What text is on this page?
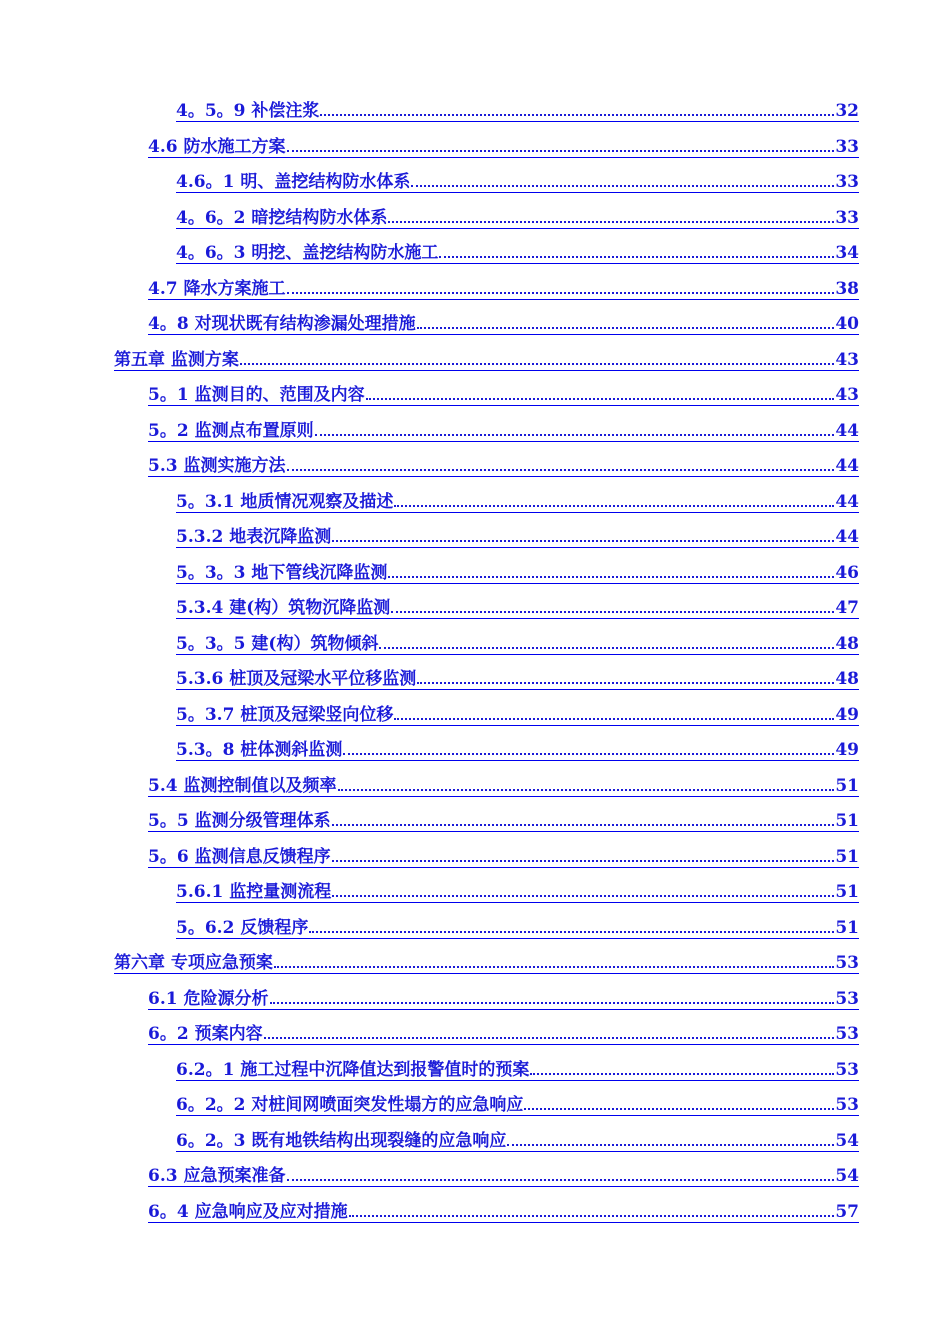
4。5。9 补偿注浆	32
4.6 防水施工方案	33
4.6。1 明、盖挖结构防水体系	33
4。6。2 暗挖结构防水体系	33
4。6。3 明挖、盖挖结构防水施工	34
4.7 降水方案施工	38
4。8 对现状既有结构渗漏处理措施	40
第五章 监测方案	43
5。1 监测目的、范围及内容	43
5。2 监测点布置原则	44
5.3 监测实施方法	44
5。3.1 地质情况观察及描述	44
5.3.2 地表沉降监测	44
5。3。3 地下管线沉降监测	46
5.3.4 建(构）筑物沉降监测	47
5。3。5 建(构）筑物倾斜	48
5.3.6 桩顶及冠梁水平位移监测	48
5。3.7 桩顶及冠梁竖向位移	49
5.3。8 桩体测斜监测	49
5.4 监测控制值以及频率	51
5。5 监测分级管理体系	51
5。6 监测信息反馈程序	51
5.6.1 监控量测流程	51
5。6.2 反馈程序	51
第六章 专项应急预案	53
6.1 危险源分析	53
6。2 预案内容	53
6.2。1 施工过程中沉降值达到报警值时的预案	53
6。2。2 对桩间网喷面突发性塌方的应急响应	53
6。2。3 既有地铁结构出现裂缝的应急响应	54
6.3 应急预案准备	54
6。4 应急响应及应对措施	57
